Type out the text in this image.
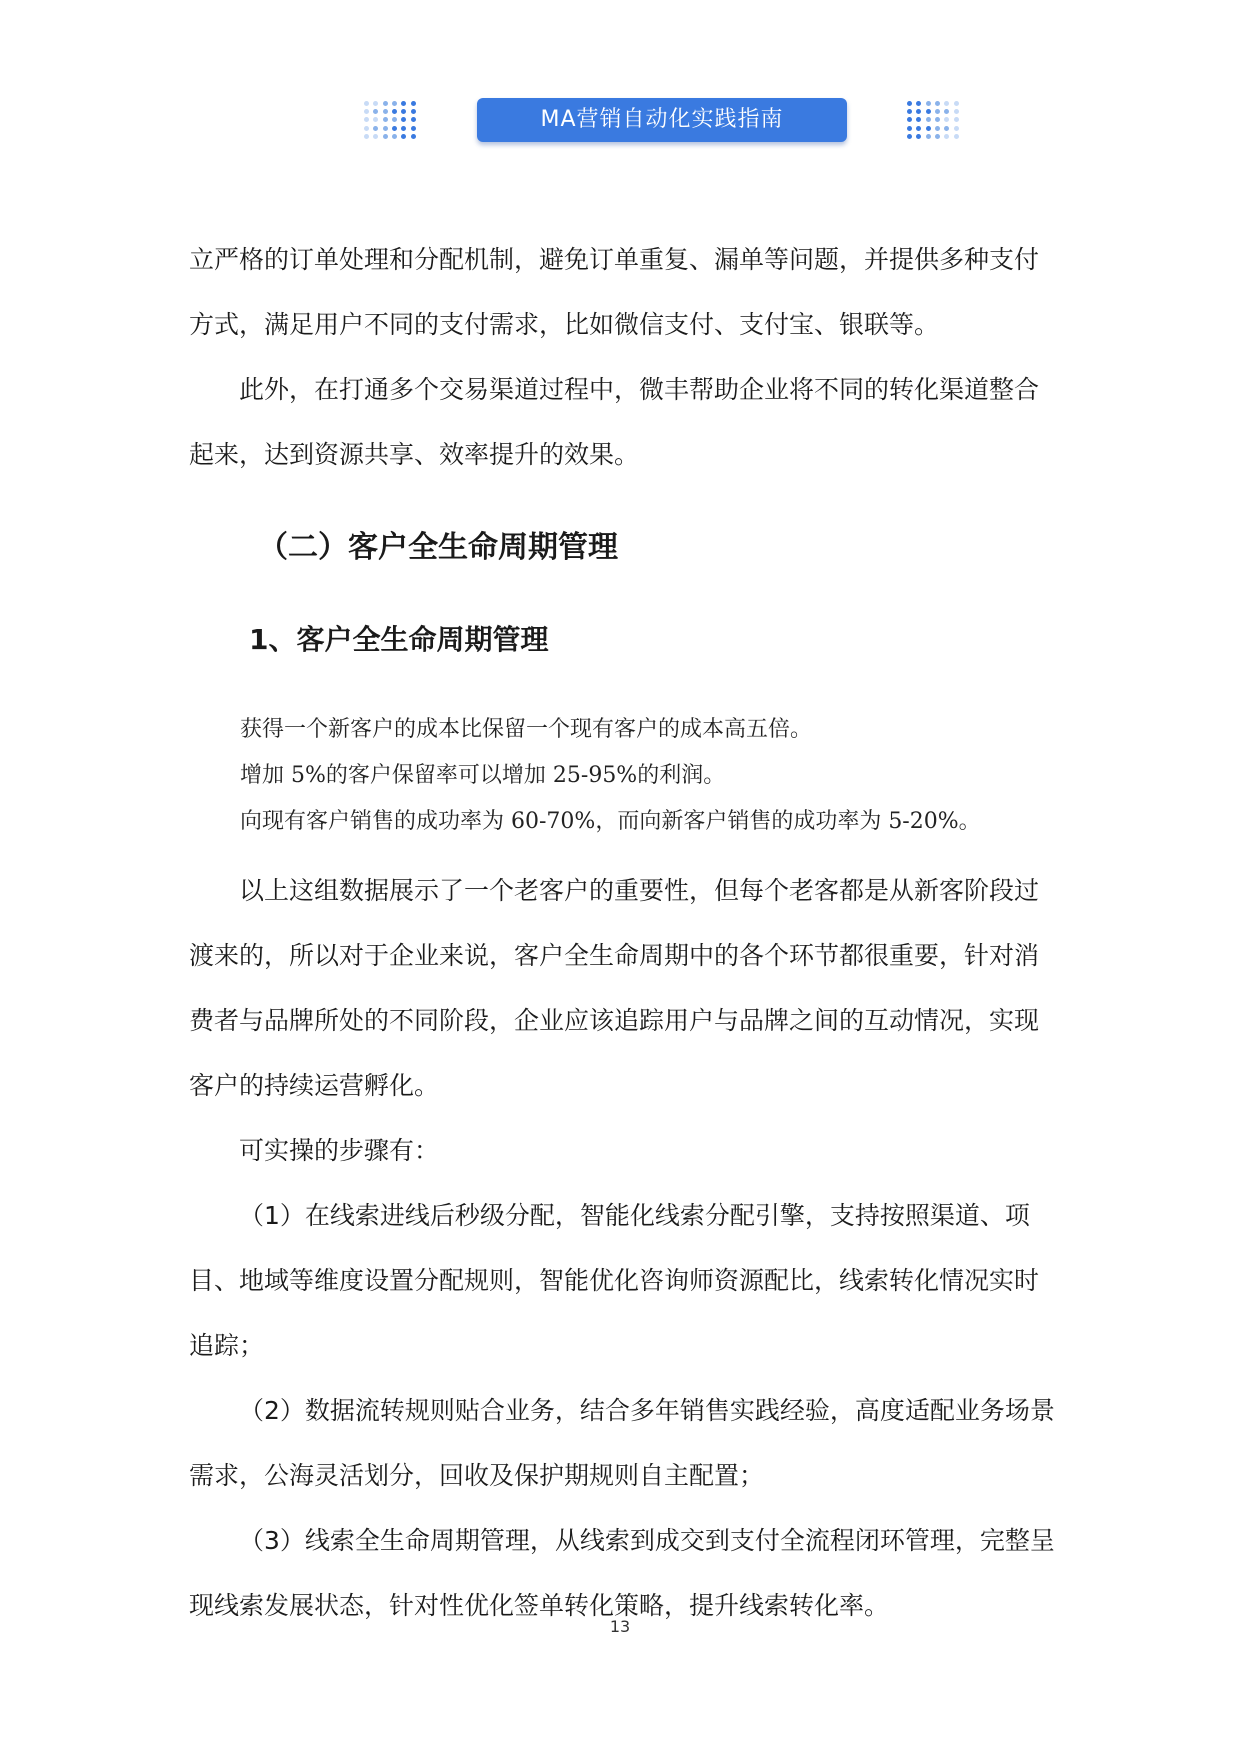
MA营销自动化实践指南

立严格的订单处理和分配机制，避免订单重复、漏单等问题，并提供多种支付方式，满足用户不同的支付需求，比如微信支付、支付宝、银联等。

此外，在打通多个交易渠道过程中，微丰帮助企业将不同的转化渠道整合起来，达到资源共享、效率提升的效果。

（二）客户全生命周期管理
1、客户全生命周期管理
获得一个新客户的成本比保留一个现有客户的成本高五倍。
增加 5%的客户保留率可以增加 25-95%的利润。
向现有客户销售的成功率为 60-70%，而向新客户销售的成功率为 5-20%。

以上这组数据展示了一个老客户的重要性，但每个老客都是从新客阶段过渡来的，所以对于企业来说，客户全生命周期中的各个环节都很重要，针对消费者与品牌所处的不同阶段，企业应该追踪用户与品牌之间的互动情况，实现客户的持续运营孵化。

可实操的步骤有：

（1）在线索进线后秒级分配，智能化线索分配引擎，支持按照渠道、项目、地域等维度设置分配规则，智能优化咨询师资源配比，线索转化情况实时追踪；

（2）数据流转规则贴合业务，结合多年销售实践经验，高度适配业务场景需求，公海灵活划分，回收及保护期规则自主配置；

（3）线索全生命周期管理，从线索到成交到支付全流程闭环管理，完整呈现线索发展状态，针对性优化签单转化策略，提升线索转化率。

13
